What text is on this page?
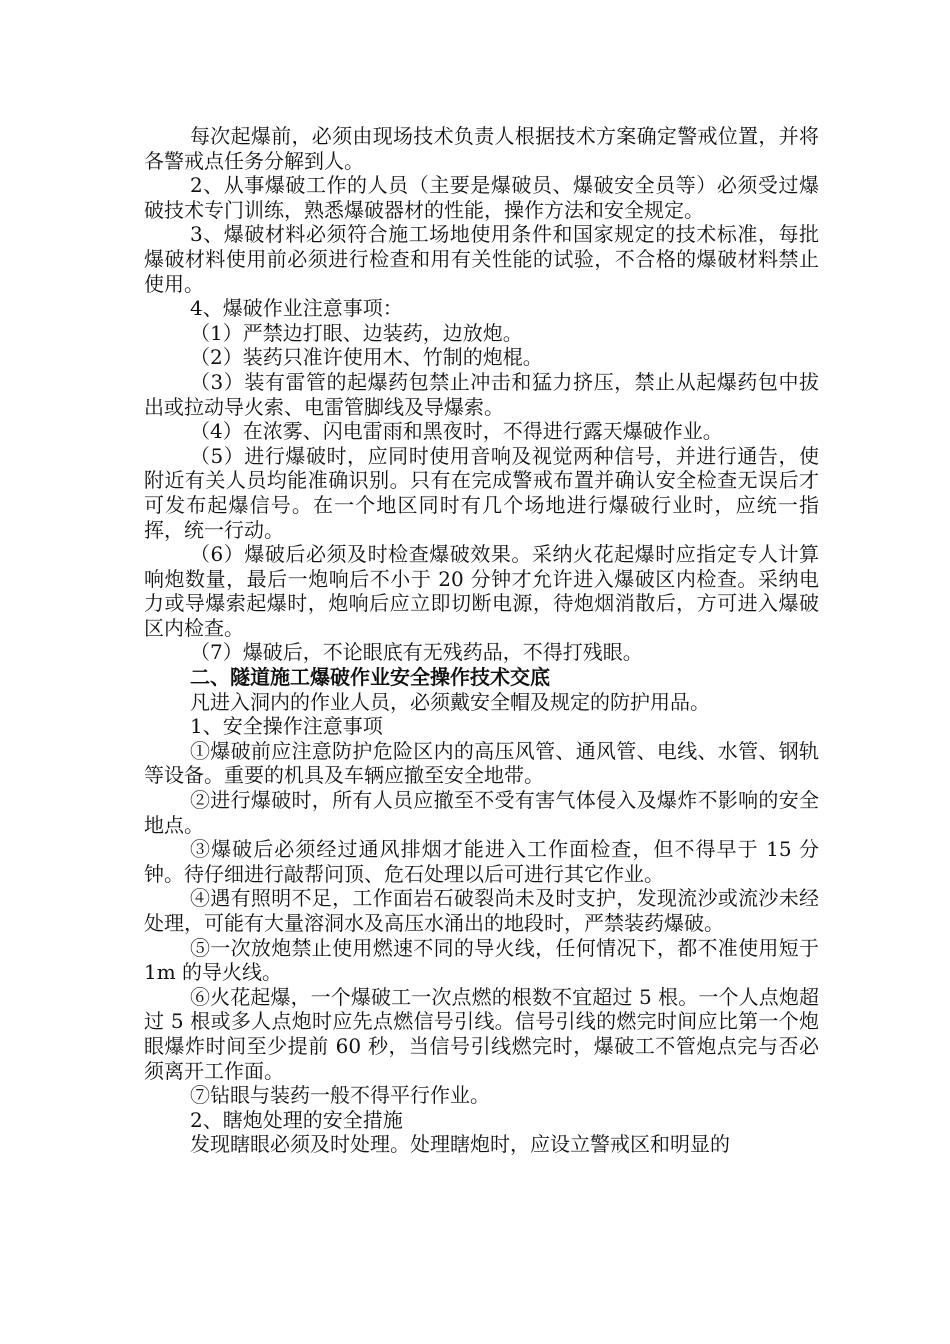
每次起爆前，必须由现场技术负责人根据技术方案确定警戒位置，并将各警戒点任务分解到人。

2、从事爆破工作的人员（主要是爆破员、爆破安全员等）必须受过爆破技术专门训练，熟悉爆破器材的性能，操作方法和安全规定。

3、爆破材料必须符合施工场地使用条件和国家规定的技术标准，每批爆破材料使用前必须进行检查和用有关性能的试验，不合格的爆破材料禁止使用。

4、爆破作业注意事项：

（1）严禁边打眼、边装药，边放炮。

（2）装药只准许使用木、竹制的炮棍。

（3）装有雷管的起爆药包禁止冲击和猛力挤压，禁止从起爆药包中拔出或拉动导火索、电雷管脚线及导爆索。

（4）在浓雾、闪电雷雨和黑夜时，不得进行露天爆破作业。

（5）进行爆破时，应同时使用音响及视觉两种信号，并进行通告，使附近有关人员均能准确识别。只有在完成警戒布置并确认安全检查无误后才可发布起爆信号。在一个地区同时有几个场地进行爆破行业时，应统一指挥，统一行动。

（6）爆破后必须及时检查爆破效果。采纳火花起爆时应指定专人计算响炮数量，最后一炮响后不小于 20 分钟才允许进入爆破区内检查。采纳电力或导爆索起爆时，炮响后应立即切断电源，待炮烟消散后，方可进入爆破区内检查。

（7）爆破后，不论眼底有无残药品，不得打残眼。

二、隧道施工爆破作业安全操作技术交底

凡进入洞内的作业人员，必须戴安全帽及规定的防护用品。

1、安全操作注意事项

①爆破前应注意防护危险区内的高压风管、通风管、电线、水管、钢轨等设备。重要的机具及车辆应撤至安全地带。

②进行爆破时，所有人员应撤至不受有害气体侵入及爆炸不影响的安全地点。

③爆破后必须经过通风排烟才能进入工作面检查，但不得早于 15 分钟。待仔细进行敲帮问顶、危石处理以后可进行其它作业。

④遇有照明不足，工作面岩石破裂尚未及时支护，发现流沙或流沙未经处理，可能有大量溶洞水及高压水涌出的地段时，严禁装药爆破。

⑤一次放炮禁止使用燃速不同的导火线，任何情况下，都不准使用短于 1m 的导火线。

⑥火花起爆，一个爆破工一次点燃的根数不宜超过 5 根。一个人点炮超过 5 根或多人点炮时应先点燃信号引线。信号引线的燃完时间应比第一个炮眼爆炸时间至少提前 60 秒，当信号引线燃完时，爆破工不管炮点完与否必须离开工作面。

⑦钻眼与装药一般不得平行作业。

2、瞎炮处理的安全措施

发现瞎眼必须及时处理。处理瞎炮时，应设立警戒区和明显的
